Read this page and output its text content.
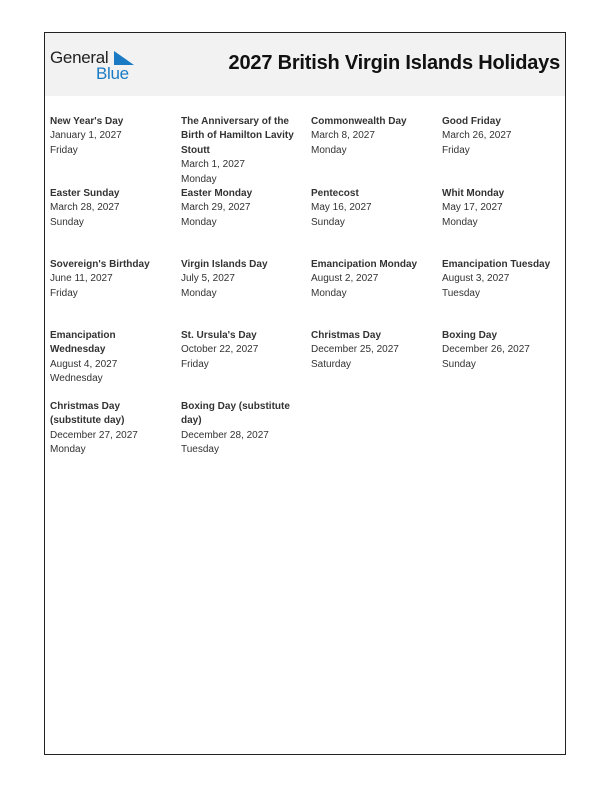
General
Blue	2027 British Virgin Islands Holidays
New Year's Day
January 1, 2027
Friday
The Anniversary of the Birth of Hamilton Lavity Stoutt
March 1, 2027
Monday
Commonwealth Day
March 8, 2027
Monday
Good Friday
March 26, 2027
Friday
Easter Sunday
March 28, 2027
Sunday
Easter Monday
March 29, 2027
Monday
Pentecost
May 16, 2027
Sunday
Whit Monday
May 17, 2027
Monday
Sovereign's Birthday
June 11, 2027
Friday
Virgin Islands Day
July 5, 2027
Monday
Emancipation Monday
August 2, 2027
Monday
Emancipation Tuesday
August 3, 2027
Tuesday
Emancipation Wednesday
August 4, 2027
Wednesday
St. Ursula's Day
October 22, 2027
Friday
Christmas Day
December 25, 2027
Saturday
Boxing Day
December 26, 2027
Sunday
Christmas Day (substitute day)
December 27, 2027
Monday
Boxing Day (substitute day)
December 28, 2027
Tuesday
